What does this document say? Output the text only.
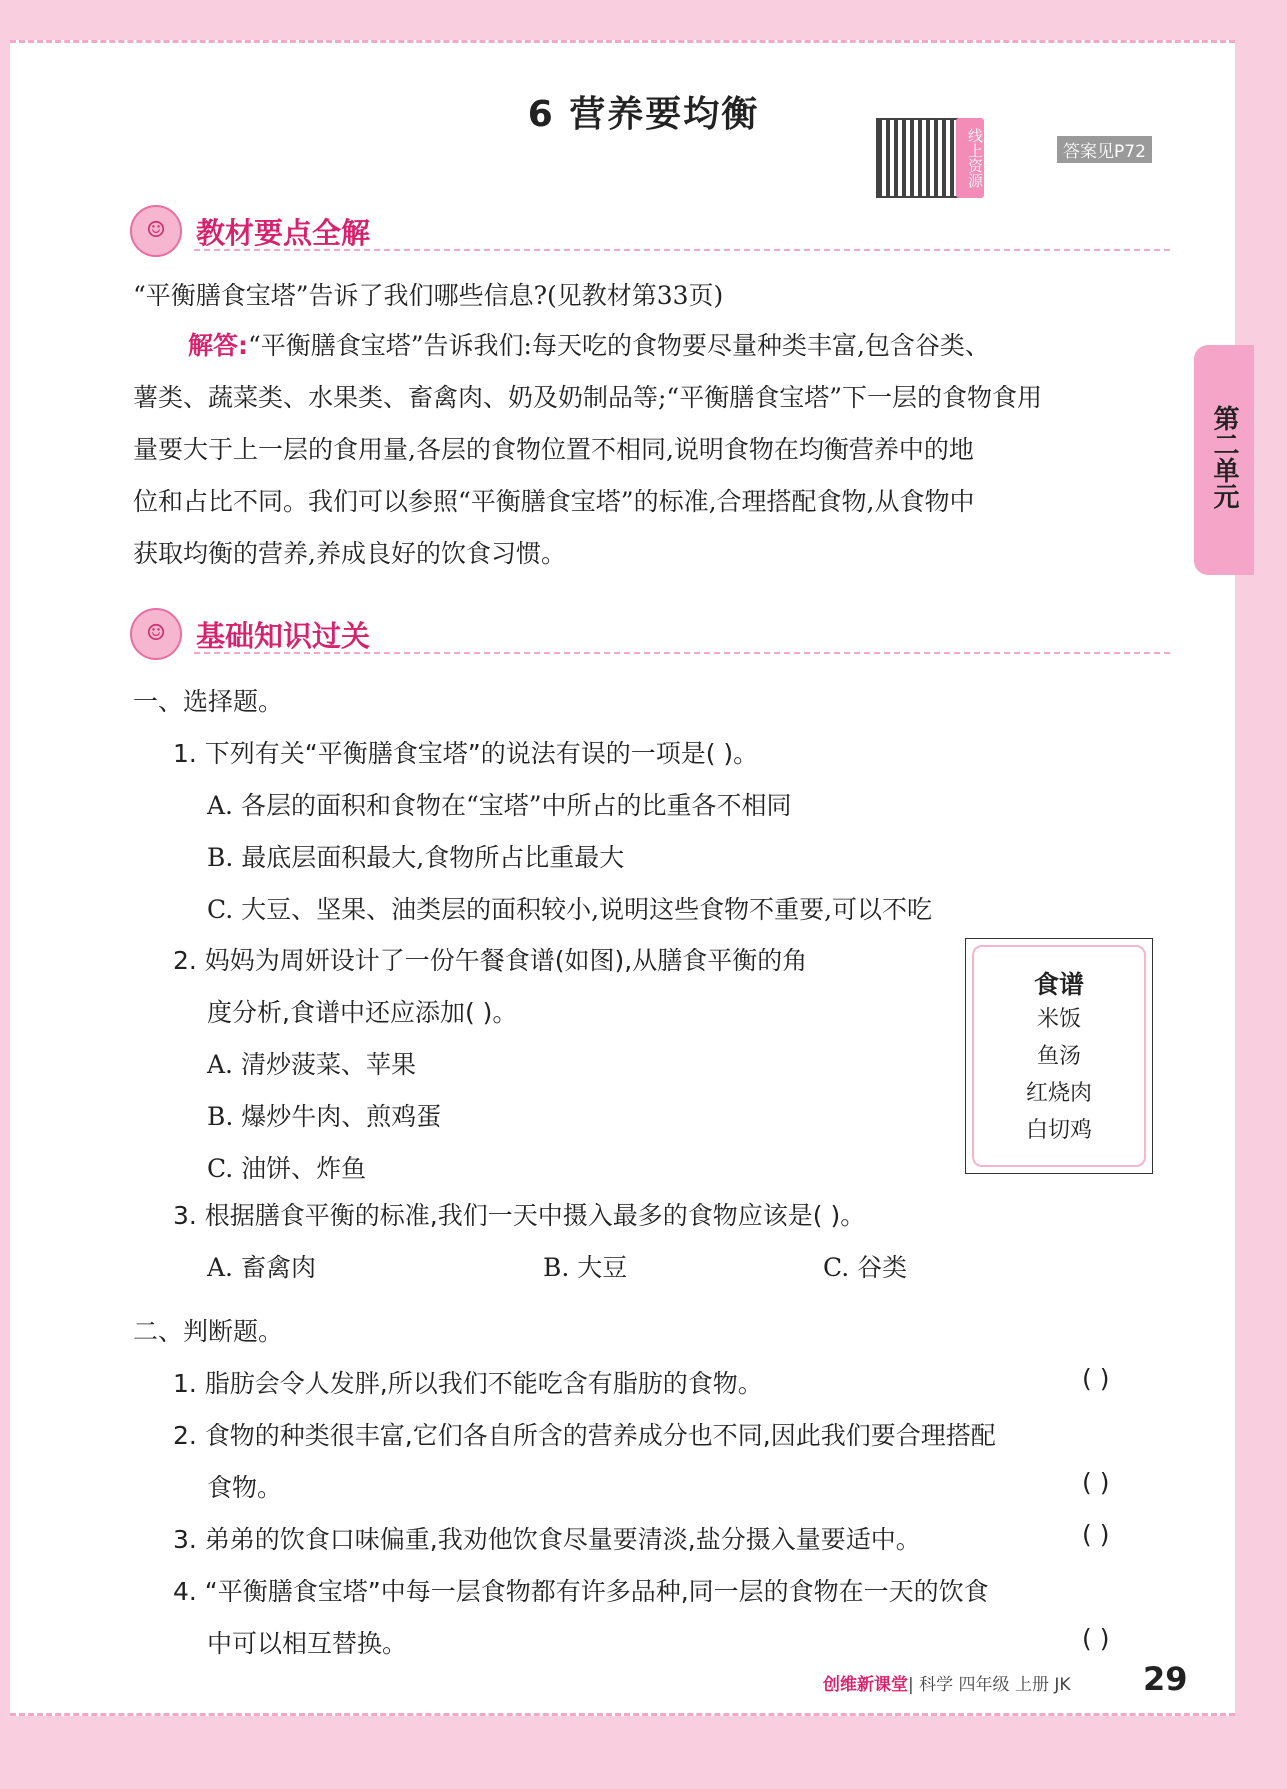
6 营养要均衡
线上资源	答案见P72
第二单元
☺	教材要点全解
“平衡膳食宝塔”告诉了我们哪些信息?(见教材第33页)
解答:“平衡膳食宝塔”告诉我们:每天吃的食物要尽量种类丰富,包含谷类、
薯类、蔬菜类、水果类、畜禽肉、奶及奶制品等;“平衡膳食宝塔”下一层的食物食用
量要大于上一层的食用量,各层的食物位置不相同,说明食物在均衡营养中的地
位和占比不同。我们可以参照“平衡膳食宝塔”的标准,合理搭配食物,从食物中
获取均衡的营养,养成良好的饮食习惯。
☺	基础知识过关
一、选择题。
1. 下列有关“平衡膳食宝塔”的说法有误的一项是( )。
A. 各层的面积和食物在“宝塔”中所占的比重各不相同
B. 最底层面积最大,食物所占比重最大
C. 大豆、坚果、油类层的面积较小,说明这些食物不重要,可以不吃
2. 妈妈为周妍设计了一份午餐食谱(如图),从膳食平衡的角
度分析,食谱中还应添加( )。
A. 清炒菠菜、苹果
B. 爆炒牛肉、煎鸡蛋
C. 油饼、炸鱼
食谱
米饭
鱼汤
红烧肉
白切鸡
3. 根据膳食平衡的标准,我们一天中摄入最多的食物应该是( )。
A. 畜禽肉	B. 大豆	C. 谷类
二、判断题。
1. 脂肪会令人发胖,所以我们不能吃含有脂肪的食物。	( )
2. 食物的种类很丰富,它们各自所含的营养成分也不同,因此我们要合理搭配
食物。	( )
3. 弟弟的饮食口味偏重,我劝他饮食尽量要清淡,盐分摄入量要适中。	( )
4. “平衡膳食宝塔”中每一层食物都有许多品种,同一层的食物在一天的饮食
中可以相互替换。	( )
创维新课堂| 科学 四年级 上册 JK 29
